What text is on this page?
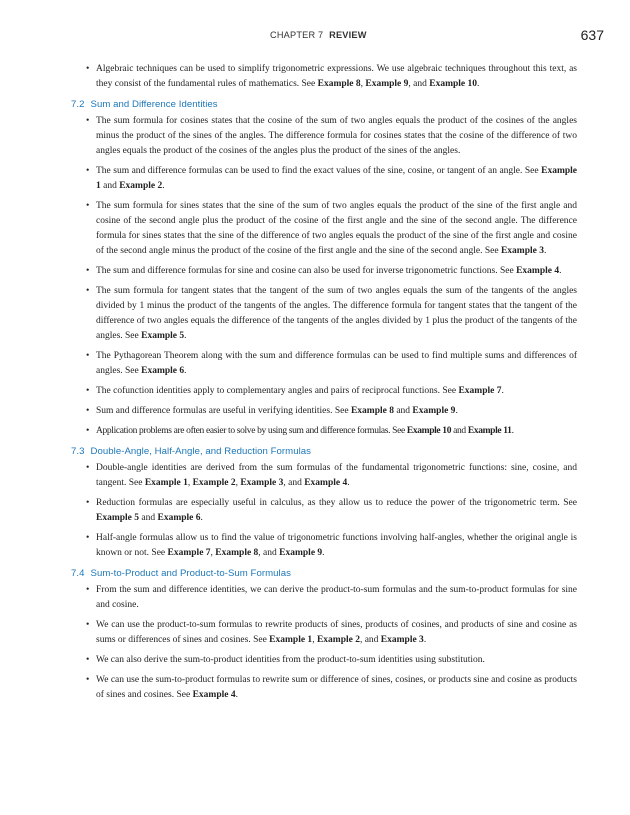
CHAPTER 7 REVIEW	637
• Algebraic techniques can be used to simplify trigonometric expressions. We use algebraic techniques throughout this text, as they consist of the fundamental rules of mathematics. See Example 8, Example 9, and Example 10.
7.2 Sum and Difference Identities
• The sum formula for cosines states that the cosine of the sum of two angles equals the product of the cosines of the angles minus the product of the sines of the angles. The difference formula for cosines states that the cosine of the difference of two angles equals the product of the cosines of the angles plus the product of the sines of the angles.
• The sum and difference formulas can be used to find the exact values of the sine, cosine, or tangent of an angle. See Example 1 and Example 2.
• The sum formula for sines states that the sine of the sum of two angles equals the product of the sine of the first angle and cosine of the second angle plus the product of the cosine of the first angle and the sine of the second angle. The difference formula for sines states that the sine of the difference of two angles equals the product of the sine of the first angle and cosine of the second angle minus the product of the cosine of the first angle and the sine of the second angle. See Example 3.
• The sum and difference formulas for sine and cosine can also be used for inverse trigonometric functions. See Example 4.
• The sum formula for tangent states that the tangent of the sum of two angles equals the sum of the tangents of the angles divided by 1 minus the product of the tangents of the angles. The difference formula for tangent states that the tangent of the difference of two angles equals the difference of the tangents of the angles divided by 1 plus the product of the tangents of the angles. See Example 5.
• The Pythagorean Theorem along with the sum and difference formulas can be used to find multiple sums and differences of angles. See Example 6.
• The cofunction identities apply to complementary angles and pairs of reciprocal functions. See Example 7.
• Sum and difference formulas are useful in verifying identities. See Example 8 and Example 9.
• Application problems are often easier to solve by using sum and difference formulas. See Example 10 and Example 11.
7.3 Double-Angle, Half-Angle, and Reduction Formulas
• Double-angle identities are derived from the sum formulas of the fundamental trigonometric functions: sine, cosine, and tangent. See Example 1, Example 2, Example 3, and Example 4.
• Reduction formulas are especially useful in calculus, as they allow us to reduce the power of the trigonometric term. See Example 5 and Example 6.
• Half-angle formulas allow us to find the value of trigonometric functions involving half-angles, whether the original angle is known or not. See Example 7, Example 8, and Example 9.
7.4 Sum-to-Product and Product-to-Sum Formulas
• From the sum and difference identities, we can derive the product-to-sum formulas and the sum-to-product formulas for sine and cosine.
• We can use the product-to-sum formulas to rewrite products of sines, products of cosines, and products of sine and cosine as sums or differences of sines and cosines. See Example 1, Example 2, and Example 3.
• We can also derive the sum-to-product identities from the product-to-sum identities using substitution.
• We can use the sum-to-product formulas to rewrite sum or difference of sines, cosines, or products sine and cosine as products of sines and cosines. See Example 4.
